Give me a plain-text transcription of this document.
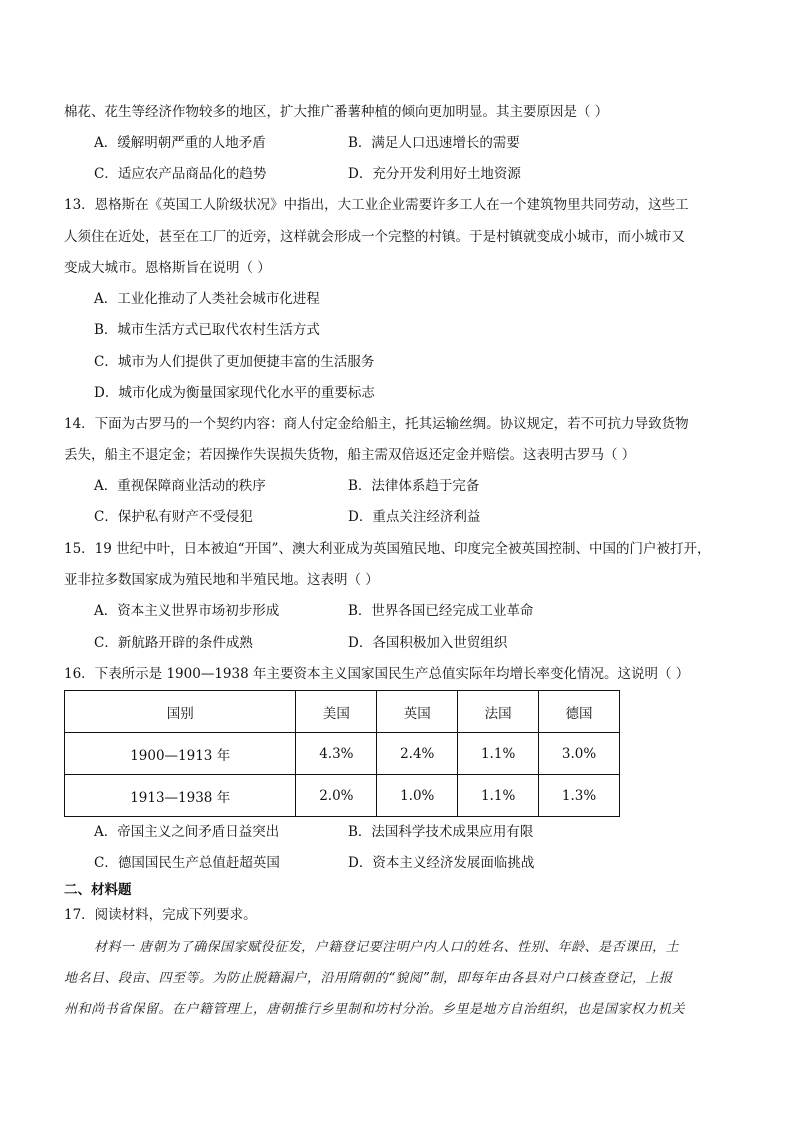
棉花、花生等经济作物较多的地区，扩大推广番薯种植的倾向更加明显。其主要原因是（ ）
A．缓解明朝严重的人地矛盾	B．满足人口迅速增长的需要
C．适应农产品商品化的趋势	D．充分开发利用好土地资源
13．恩格斯在《英国工人阶级状况》中指出，大工业企业需要许多工人在一个建筑物里共同劳动，这些工
人须住在近处，甚至在工厂的近旁，这样就会形成一个完整的村镇。于是村镇就变成小城市，而小城市又
变成大城市。恩格斯旨在说明（ ）
A．工业化推动了人类社会城市化进程
B．城市生活方式已取代农村生活方式
C．城市为人们提供了更加便捷丰富的生活服务
D．城市化成为衡量国家现代化水平的重要标志
14．下面为古罗马的一个契约内容：商人付定金给船主，托其运输丝绸。协议规定，若不可抗力导致货物
丢失，船主不退定金；若因操作失误损失货物，船主需双倍返还定金并赔偿。这表明古罗马（ ）
A．重视保障商业活动的秩序	B．法律体系趋于完备
C．保护私有财产不受侵犯	D．重点关注经济利益
15．19 世纪中叶，日本被迫“开国”、澳大利亚成为英国殖民地、印度完全被英国控制、中国的门户被打开，
亚非拉多数国家成为殖民地和半殖民地。这表明（ ）
A．资本主义世界市场初步形成	B．世界各国已经完成工业革命
C．新航路开辟的条件成熟	D．各国积极加入世贸组织
16．下表所示是 1900—1938 年主要资本主义国家国民生产总值实际年均增长率变化情况。这说明（ ）
国别	美国	英国	法国	德国
1900—1913 年	4.3%	2.4%	1.1%	3.0%
1913—1938 年	2.0%	1.0%	1.1%	1.3%
A．帝国主义之间矛盾日益突出	B．法国科学技术成果应用有限
C．德国国民生产总值赶超英国	D．资本主义经济发展面临挑战
二、材料题
17．阅读材料，完成下列要求。
材料一 唐朝为了确保国家赋役征发，户籍登记要注明户内人口的姓名、性别、年龄、是否课田，土
地名目、段亩、四至等。为防止脱籍漏户，沿用隋朝的“貌阅”制，即每年由各县对户口核查登记，上报
州和尚书省保留。在户籍管理上，唐朝推行乡里制和坊村分治。乡里是地方自治组织，也是国家权力机关
